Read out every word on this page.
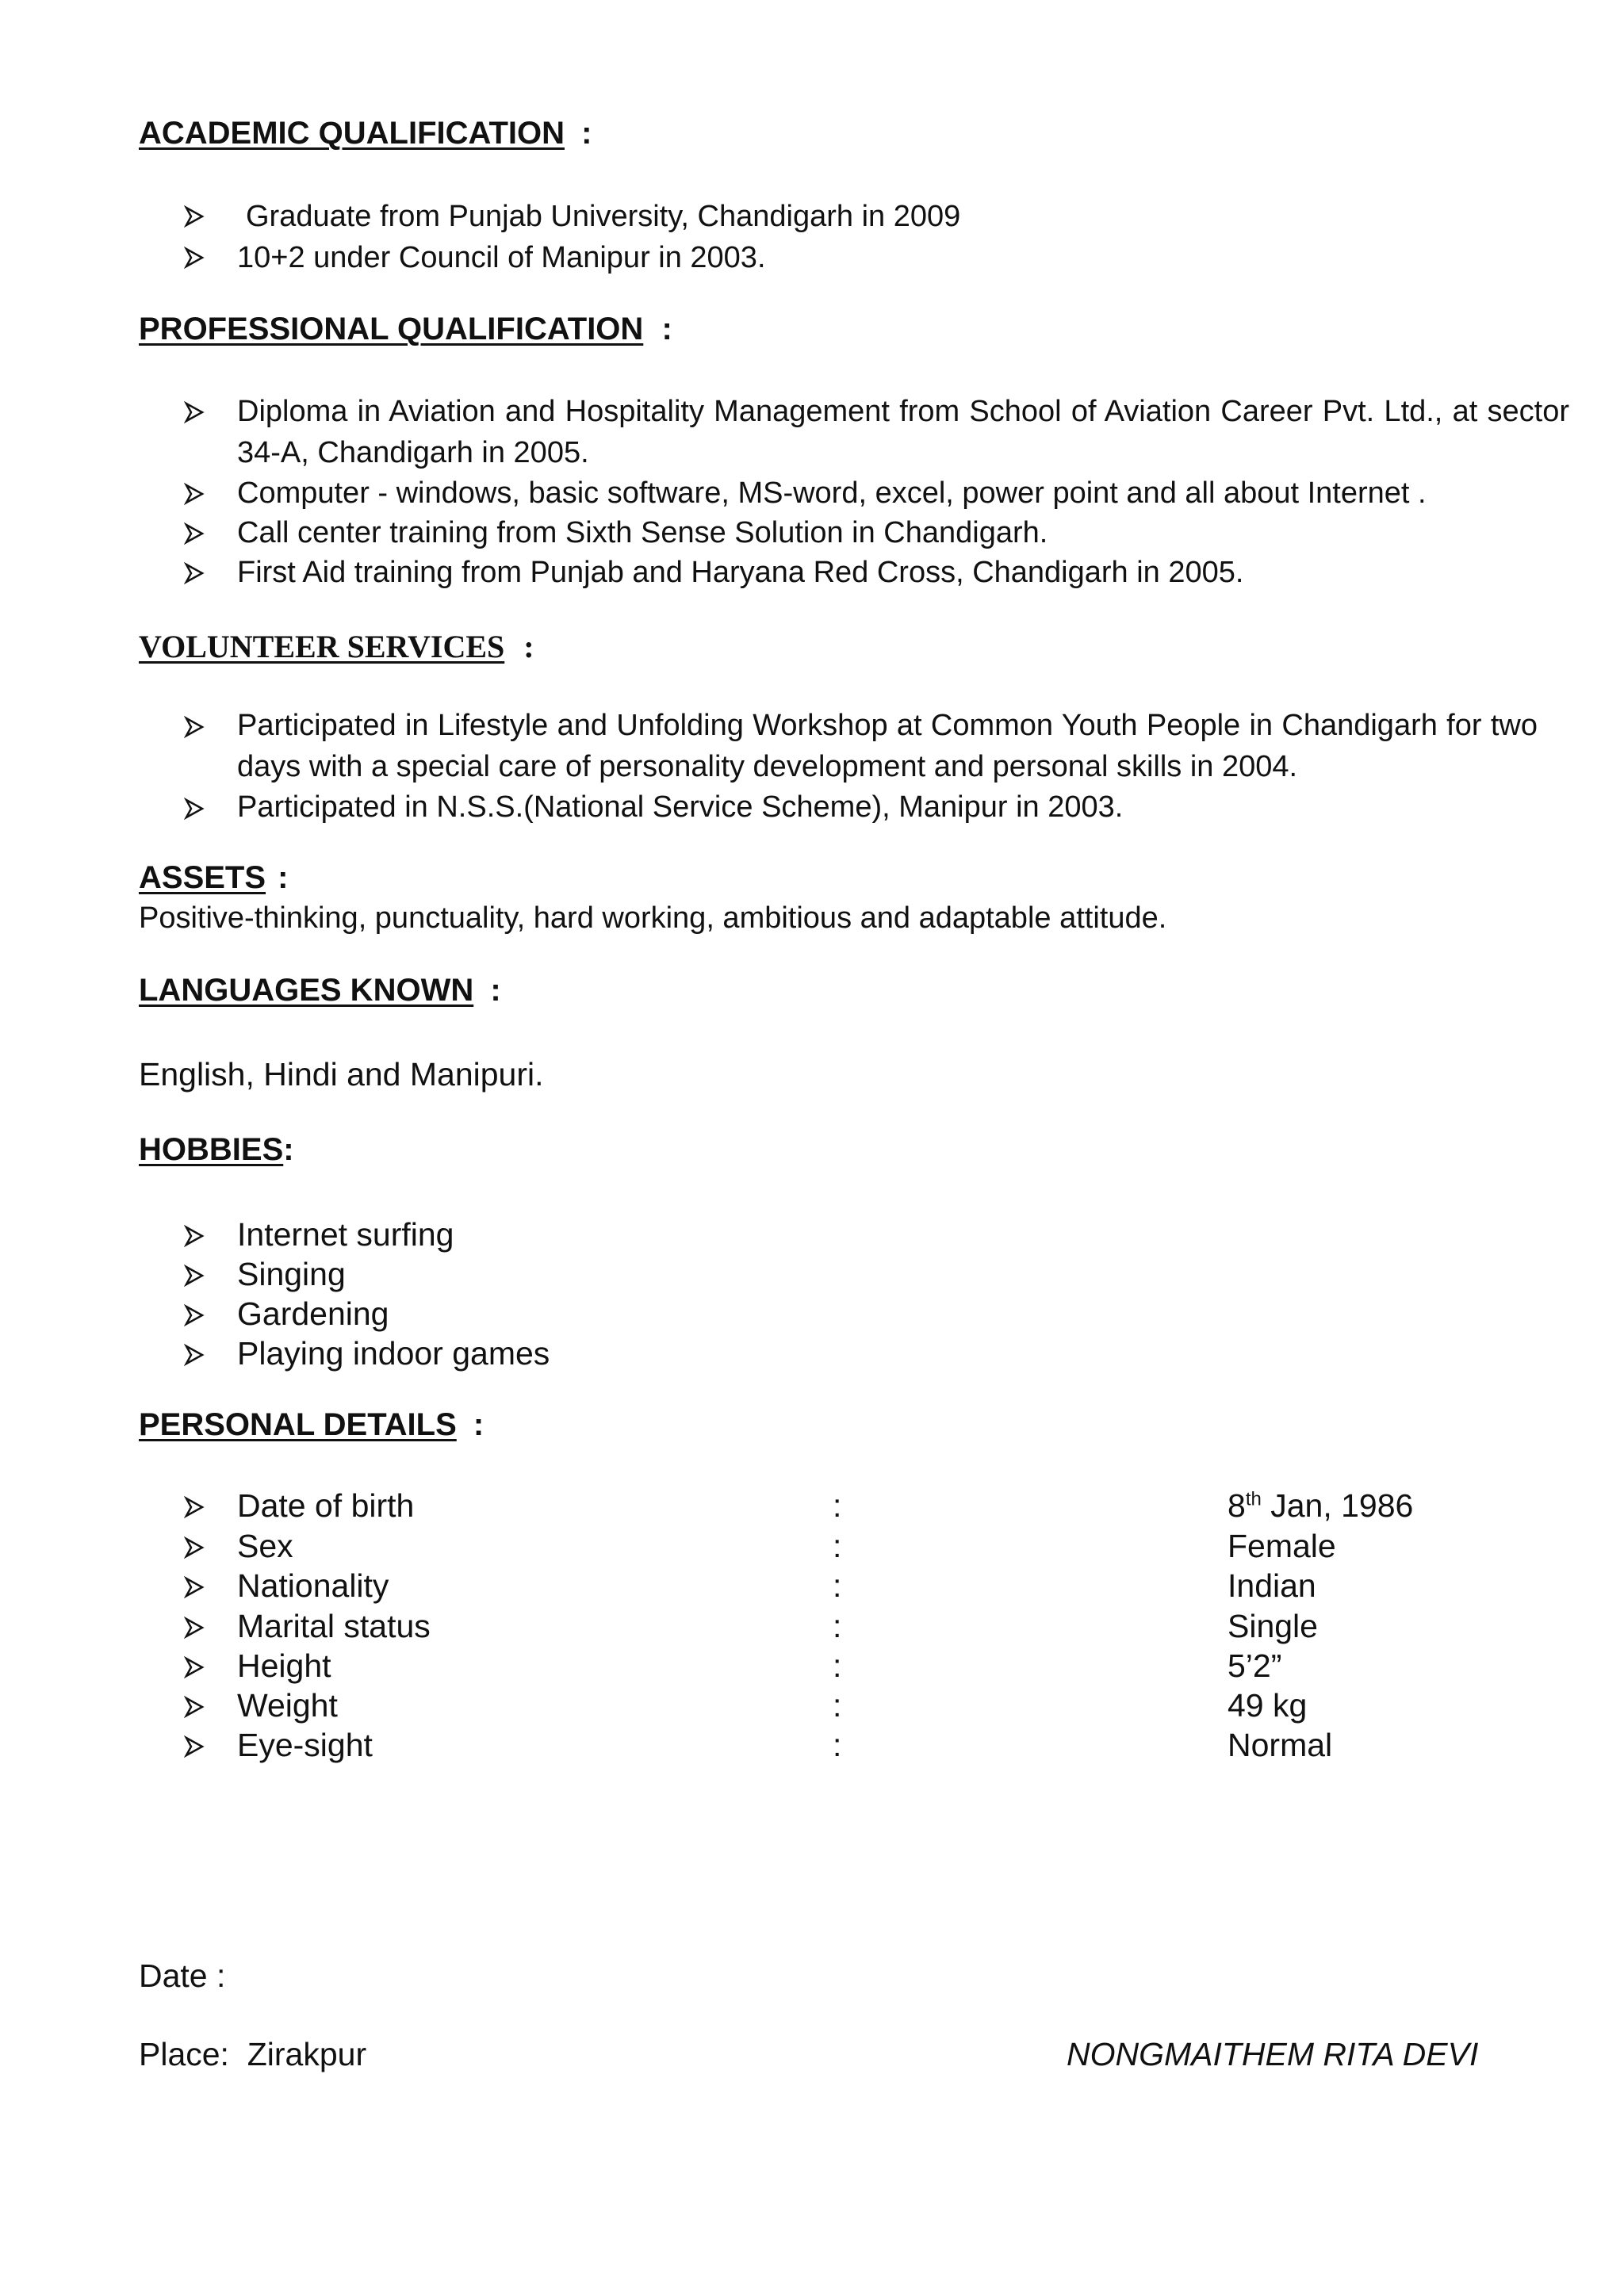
ACADEMIC QUALIFICATION :
Graduate from Punjab University, Chandigarh in 2009
10+2 under Council of Manipur in 2003.
PROFESSIONAL QUALIFICATION :
Diploma in Aviation and Hospitality Management from School of Aviation Career Pvt. Ltd., at sector
34-A, Chandigarh in 2005.
Computer - windows, basic software, MS-word, excel, power point and all about Internet .
Call center training from Sixth Sense Solution in Chandigarh.
First Aid training from Punjab and Haryana Red Cross, Chandigarh in 2005.
VOLUNTEER SERVICES :
Participated in Lifestyle and Unfolding Workshop at Common Youth People in Chandigarh for two
days with a special care of personality development and personal skills in 2004.
Participated in N.S.S.(National Service Scheme), Manipur in 2003.
ASSETS :
Positive-thinking, punctuality, hard working, ambitious and adaptable attitude.
LANGUAGES KNOWN :
English, Hindi and Manipuri.
HOBBIES:
Internet surfing
Singing
Gardening
Playing indoor games
PERSONAL DETAILS :
Date of birth	:	8th Jan, 1986
Sex	:	Female
Nationality	:	Indian
Marital status	:	Single
Height	:	5’2”
Weight	:	49 kg
Eye-sight	:	Normal
Date :
Place:  Zirakpur	NONGMAITHEM RITA DEVI
